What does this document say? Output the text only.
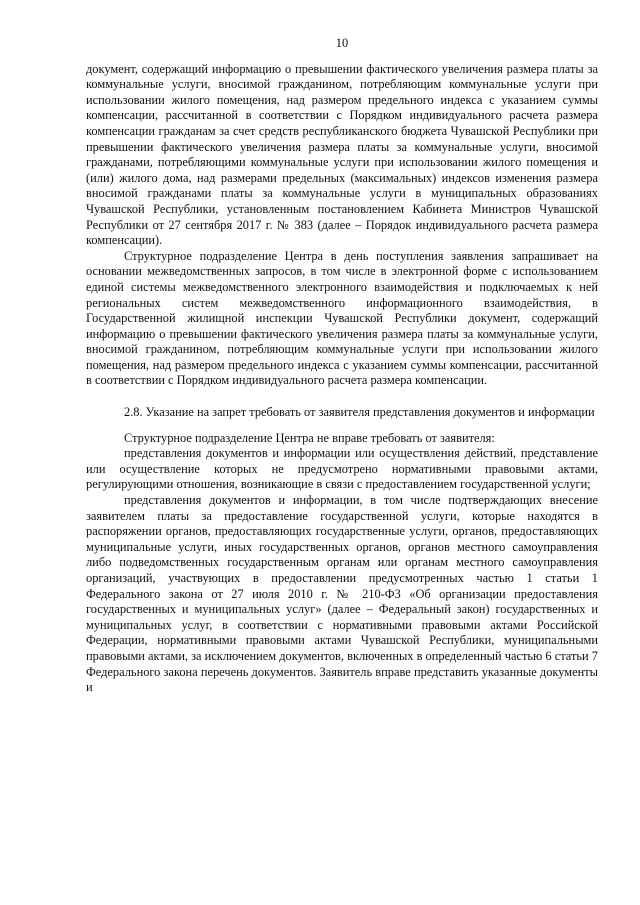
10

документ, содержащий информацию о превышении фактического увеличения размера платы за коммунальные услуги, вносимой гражданином, потребляющим коммунальные услуги при использовании жилого помещения, над размером предельного индекса с указанием суммы компенсации, рассчитанной в соответствии с Порядком индивидуального расчета размера компенсации гражданам за счет средств республиканского бюджета Чувашской Республики при превышении фактического увеличения размера платы за коммунальные услуги, вносимой гражданами, потребляющими коммунальные услуги при использовании жилого помещения и (или) жилого дома, над размерами предельных (максимальных) индексов изменения размера вносимой гражданами платы за коммунальные услуги в муниципальных образованиях Чувашской Республики, установленным постановлением Кабинета Министров Чувашской Республики от 27 сентября 2017 г. № 383 (далее – Порядок индивидуального расчета размера компенсации).

Структурное подразделение Центра в день поступления заявления запрашивает на основании межведомственных запросов, в том числе в электронной форме с использованием единой системы межведомственного электронного взаимодействия и подключаемых к ней региональных систем межведомственного информационного взаимодействия, в Государственной жилищной инспекции Чувашской Республики документ, содержащий информацию о превышении фактического увеличения размера платы за коммунальные услуги, вносимой гражданином, потребляющим коммунальные услуги при использовании жилого помещения, над размером предельного индекса с указанием суммы компенсации, рассчитанной в соответствии с Порядком индивидуального расчета размера компенсации.

2.8. Указание на запрет требовать от заявителя представления документов и информации

Структурное подразделение Центра не вправе требовать от заявителя:

представления документов и информации или осуществления действий, представление или осуществление которых не предусмотрено нормативными правовыми актами, регулирующими отношения, возникающие в связи с предоставлением государственной услуги;

представления документов и информации, в том числе подтверждающих внесение заявителем платы за предоставление государственной услуги, которые находятся в распоряжении органов, предоставляющих государственные услуги, органов, предоставляющих муниципальные услуги, иных государственных органов, органов местного самоуправления либо подведомственных государственным органам или органам местного самоуправления организаций, участвующих в предоставлении предусмотренных частью 1 статьи 1 Федерального закона от 27 июля 2010 г. № 210-ФЗ «Об организации предоставления государственных и муниципальных услуг» (далее – Федеральный закон) государственных и муниципальных услуг, в соответствии с нормативными правовыми актами Российской Федерации, нормативными правовыми актами Чувашской Республики, муниципальными правовыми актами, за исключением документов, включенных в определенный частью 6 статьи 7 Федерального закона перечень документов. Заявитель вправе представить указанные документы и
